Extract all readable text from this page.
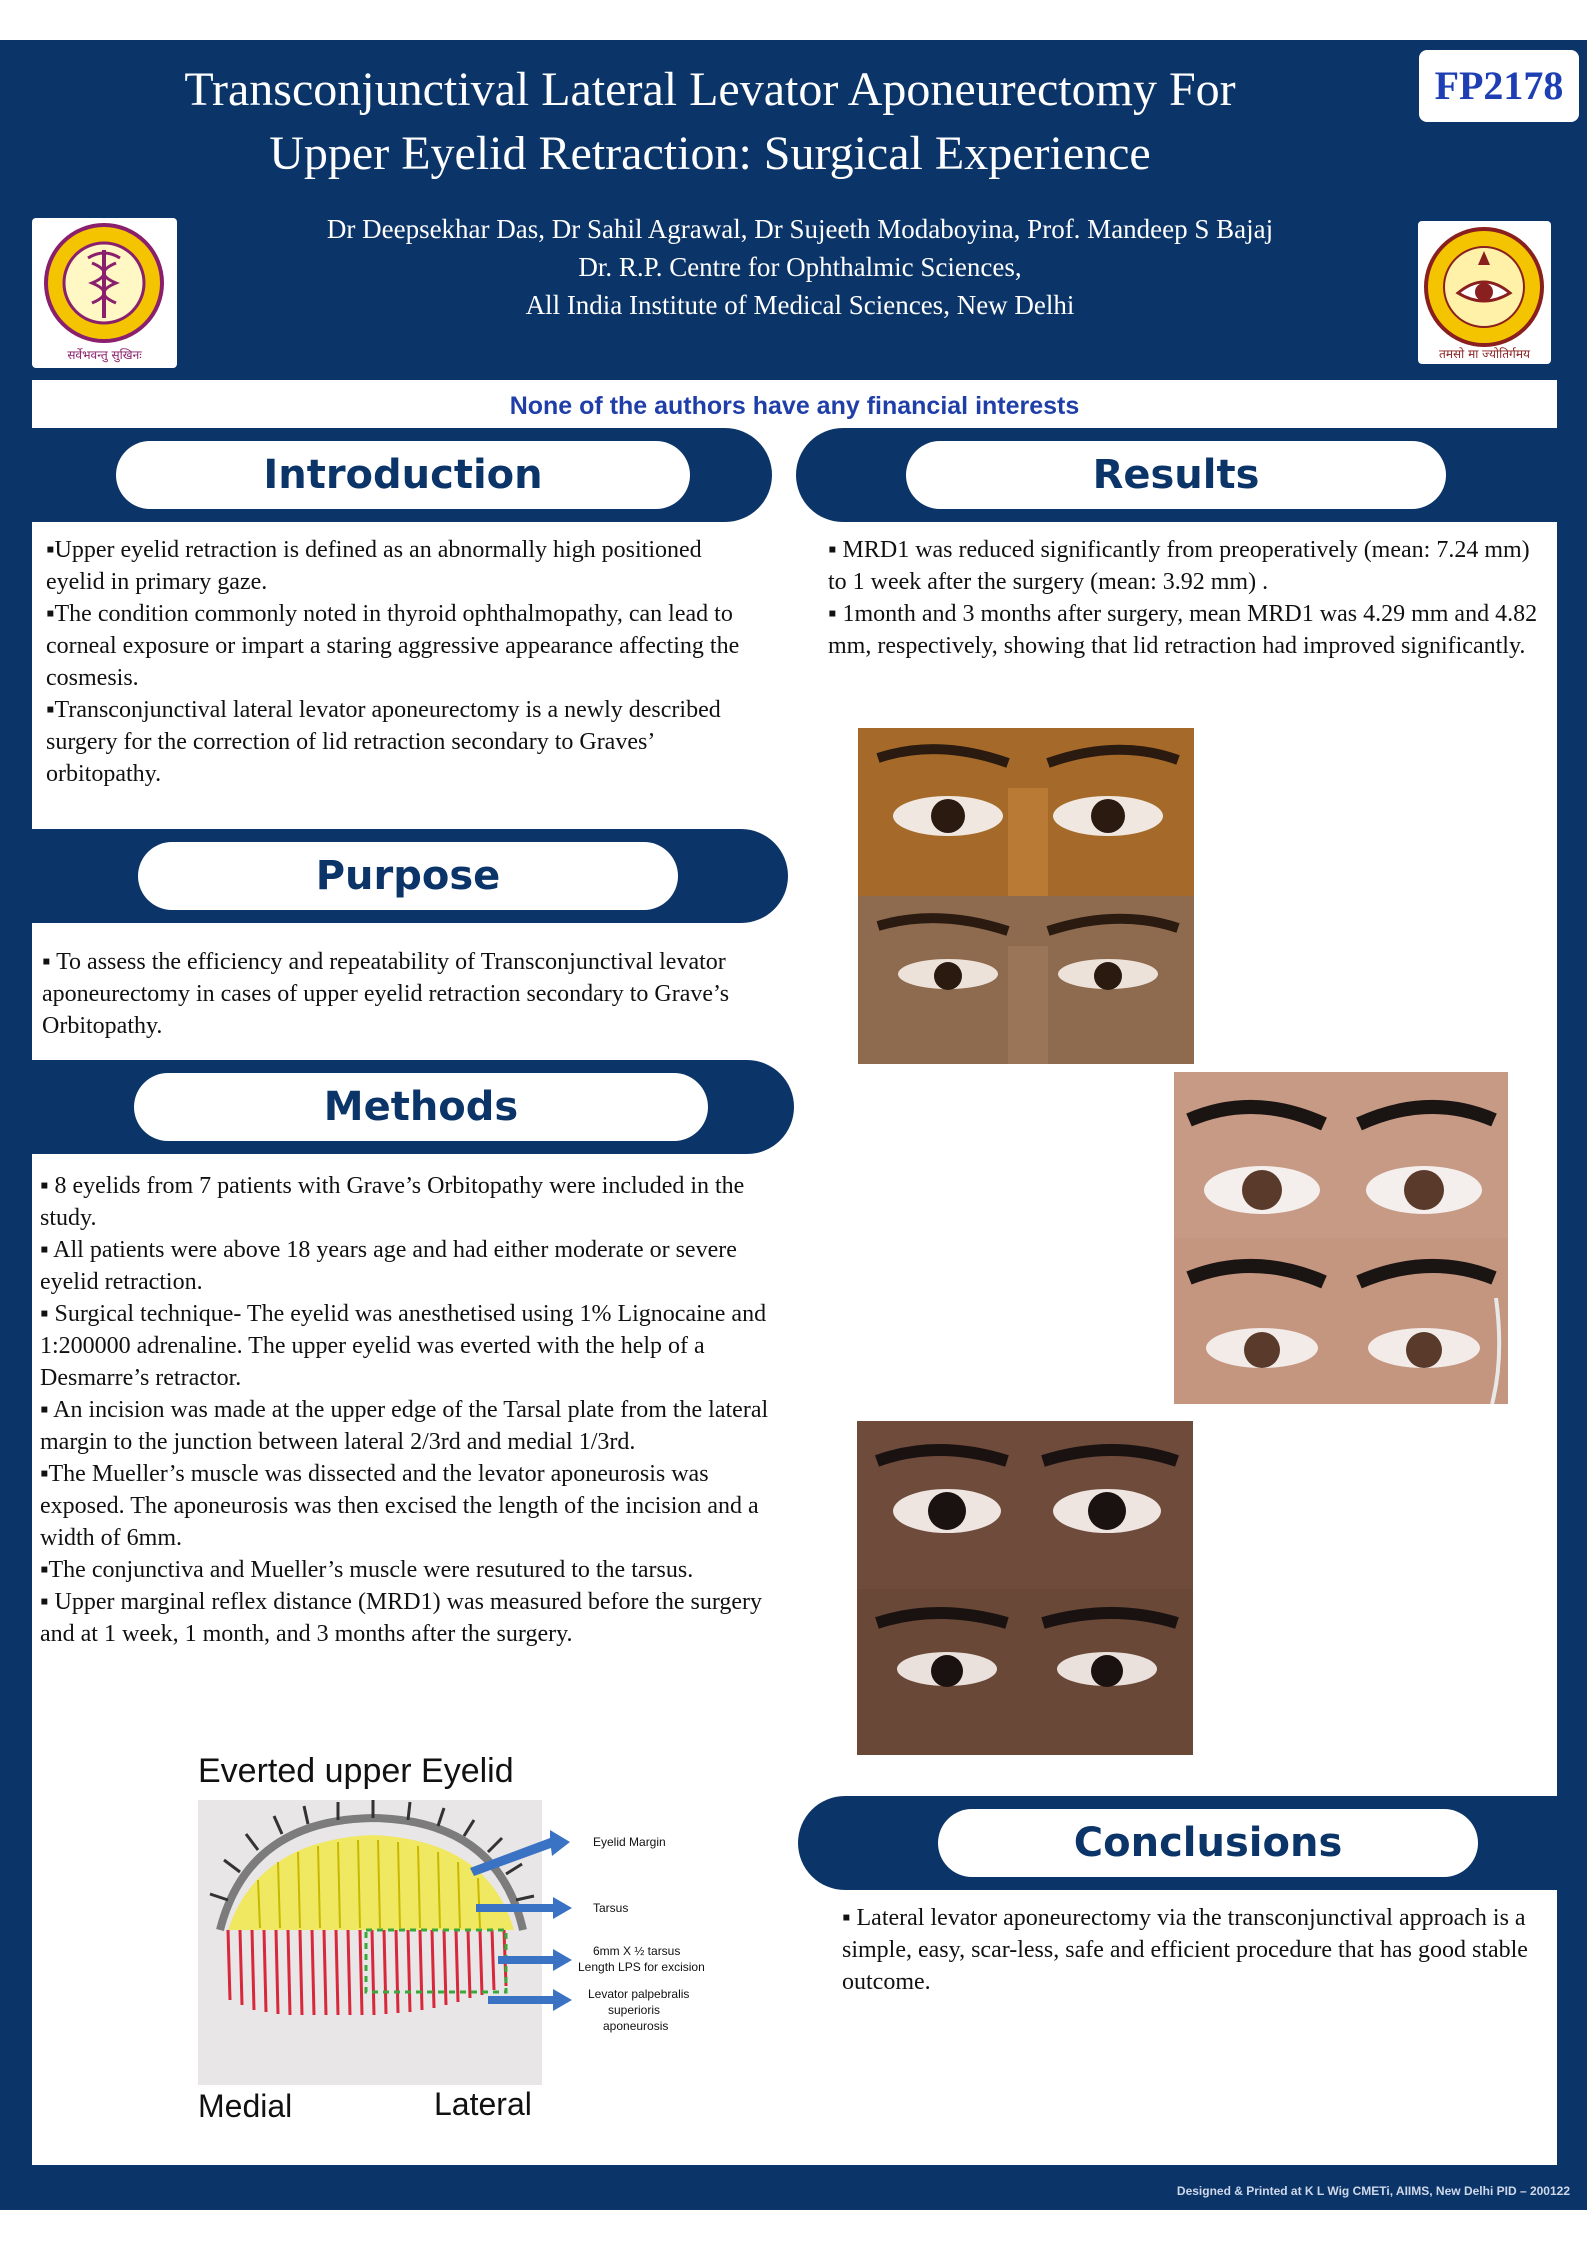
Transconjunctival Lateral Levator Aponeurectomy For
Upper Eyelid Retraction: Surgical Experience
FP2178
सर्वेभवन्तु सुखिनः	तमसो मा ज्योतिर्गमय
Dr Deepsekhar Das, Dr Sahil Agrawal, Dr Sujeeth Modaboyina, Prof. Mandeep S Bajaj
Dr. R.P. Centre for Ophthalmic Sciences,
All India Institute of Medical Sciences, New Delhi
None of the authors have any financial interests
Introduction

▪Upper eyelid retraction is defined as an abnormally high positioned eyelid in primary gaze.

▪The condition commonly noted in thyroid ophthalmopathy, can lead to corneal exposure or impart a staring aggressive appearance affecting the cosmesis.

▪Transconjunctival lateral levator aponeurectomy is a newly described surgery for the correction of lid retraction secondary to Graves’ orbitopathy.

Purpose

▪ To assess the efficiency and repeatability of Transconjunctival levator aponeurectomy in cases of upper eyelid retraction secondary to Grave’s Orbitopathy.

Methods

▪ 8 eyelids from 7 patients with Grave’s Orbitopathy were included in the study.

▪ All patients were above 18 years age and had either moderate or severe eyelid retraction.

▪ Surgical technique- The eyelid was anesthetised using 1% Lignocaine and 1:200000 adrenaline. The upper eyelid was everted with the help of a Desmarre’s retractor.

▪ An incision was made at the upper edge of the Tarsal plate from the lateral margin to the junction between lateral 2/3rd and medial 1/3rd.

▪The Mueller’s muscle was dissected and the levator aponeurosis was exposed. The aponeurosis was then excised the length of the incision and a width of 6mm.

▪The conjunctiva and Mueller’s muscle were resutured to the tarsus.

▪ Upper marginal reflex distance (MRD1) was measured before the surgery and at 1 week, 1 month, and 3 months after the surgery.

Everted upper Eyelid
Eyelid Margin
Tarsus
6mm X ½ tarsus
Length LPS for excision
Levator palpebralis
superioris
aponeurosis
Medial	Lateral
Results

▪ MRD1 was reduced significantly from preoperatively (mean: 7.24 mm) to 1 week after the surgery (mean: 3.92 mm) .

▪ 1month and 3 months after surgery, mean MRD1 was 4.29 mm and 4.82 mm, respectively, showing that lid retraction had improved significantly.

Conclusions

▪ Lateral levator aponeurectomy via the transconjunctival approach is a simple, easy, scar-less, safe and efficient procedure that has good stable outcome.

Designed & Printed at K L Wig CMETi, AIIMS, New Delhi PID – 200122
